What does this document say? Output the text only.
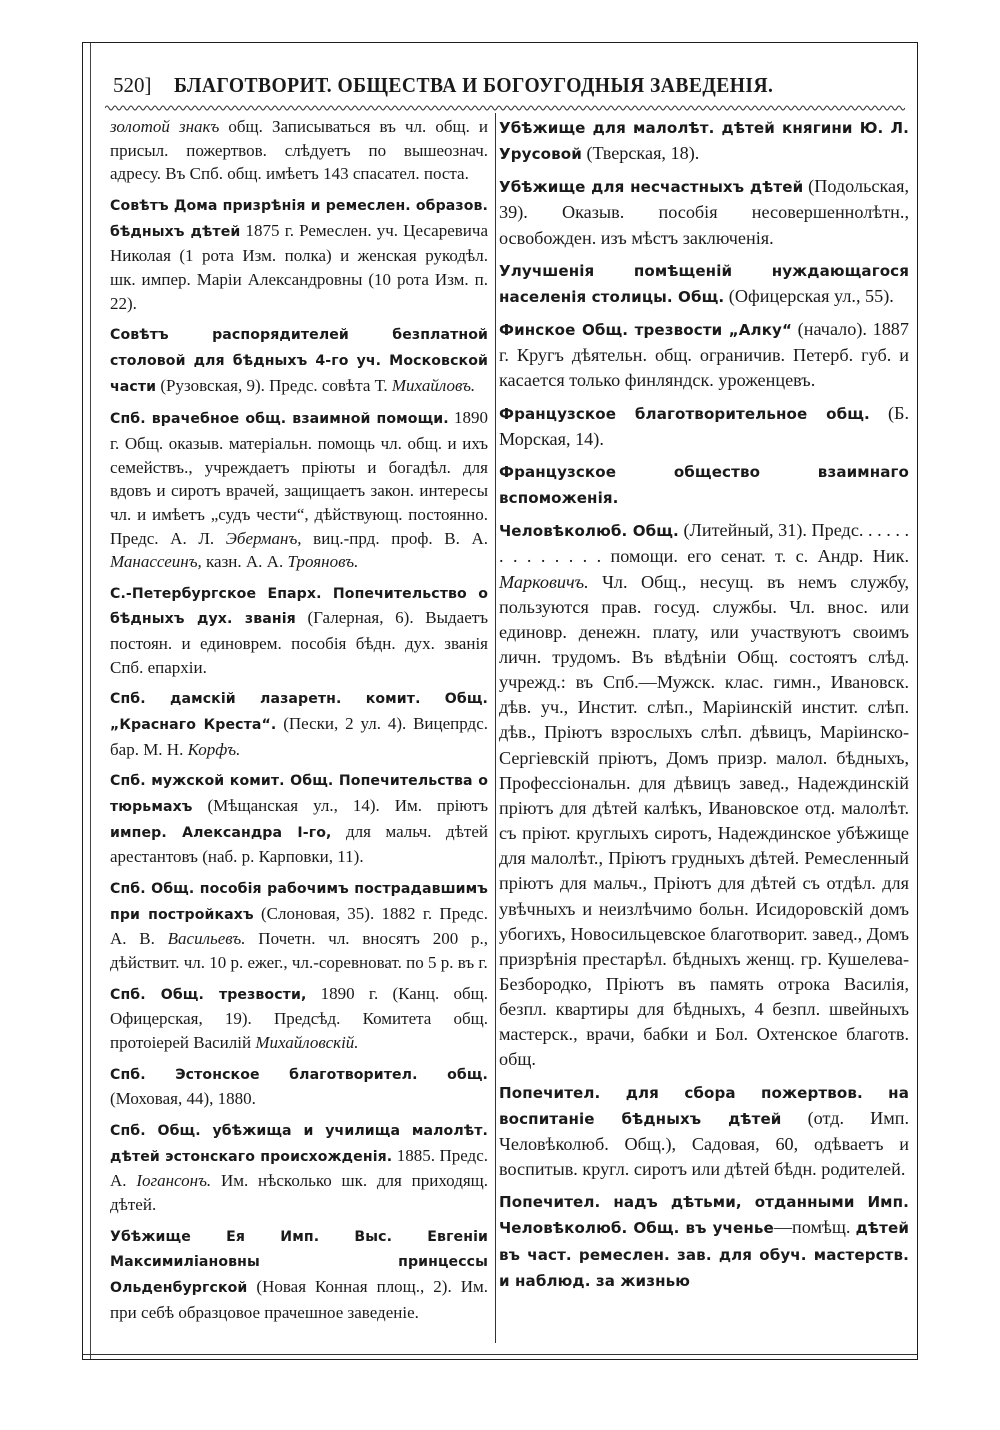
520] БЛАГОТВОРИТ. ОБЩЕСТВА И БОГОУГОДНЫЯ ЗАВЕДЕНІЯ.

золотой знакъ общ. Записываться въ чл. общ. и присыл. пожертвов. слѣдуетъ по вышеознач. адресу. Въ Спб. общ. имѣетъ 143 спасател. поста.

Совѣтъ Дома призрѣнія и ремеслен. образов. бѣдныхъ дѣтей 1875 г. Ремеслен. уч. Цесаревича Николая (1 рота Изм. полка) и женская рукодѣл. шк. импер. Маріи Александровны (10 рота Изм. п. 22).

Совѣтъ распорядителей безплатной столовой для бѣдныхъ 4-го уч. Московской части (Рузовская, 9). Предс. совѣта Т. Михайловъ.

Спб. врачебное общ. взаимной помощи. 1890 г. Общ. оказыв. матеріальн. помощь чл. общ. и ихъ семействъ., учреждаетъ пріюты и богадѣл. для вдовъ и сиротъ врачей, защищаетъ закон. интересы чл. и имѣетъ „судъ чести“, дѣйствующ. постоянно. Предс. А. Л. Эберманъ, виц.-прд. проф. В. А. Манассеинъ, казн. А. А. Трояновъ.

С.-Петербургское Епарх. Попечительство о бѣдныхъ дух. званія (Галерная, 6). Выдаетъ постоян. и единоврем. пособія бѣдн. дух. званія Спб. епархіи.

Спб. дамскій лазаретн. комит. Общ. „Краснаго Креста“. (Пески, 2 ул. 4). Вицепрдс. бар. М. Н. Корфъ.

Спб. мужской комит. Общ. Попечительства о тюрьмахъ (Мѣщанская ул., 14). Им. пріютъ импер. Александра I-го, для мальч. дѣтей арестантовъ (наб. р. Карповки, 11).

Спб. Общ. пособія рабочимъ пострадавшимъ при постройкахъ (Слоновая, 35). 1882 г. Предс. А. В. Васильевъ. Почетн. чл. вносятъ 200 р., дѣйствит. чл. 10 р. ежег., чл.-соревноват. по 5 р. въ г.

Спб. Общ. трезвости, 1890 г. (Канц. общ. Офицерская, 19). Предсѣд. Комитета общ. протоіерей Василій Михайловскій.

Спб. Эстонское благотворител. общ. (Моховая, 44), 1880.

Спб. Общ. убѣжища и училища малолѣт. дѣтей эстонскаго происхожденія. 1885. Предс. А. Іогансонъ. Им. нѣсколько шк. для приходящ. дѣтей.

Убѣжище Ея Имп. Выс. Евгеніи Максимиліановны принцессы Ольденбургской (Новая Конная площ., 2). Им. при себѣ образцовое прачешное заведеніе.

Убѣжище для малолѣт. дѣтей княгини Ю. Л. Урусовой (Тверская, 18).

Убѣжище для несчастныхъ дѣтей (Подольская, 39). Оказыв. пособія несовершеннолѣтн., освобожден. изъ мѣстъ заключенія.

Улучшенія помѣщеній нуждающагося населенія столицы. Общ. (Офицерская ул., 55).

Финское Общ. трезвости „Алку“ (начало). 1887 г. Кругъ дѣятельн. общ. ограничив. Петерб. губ. и касается только финляндск. уроженцевъ.

Французское благотворительное общ. (Б. Морская, 14).

Французское общество взаимнаго вспоможенія.

Человѣколюб. Общ. (Литейный, 31). Предс. . . . . . . . . . . . . . помощи. его сенат. т. с. Андр. Ник. Марковичъ. Чл. Общ., несущ. въ немъ службу, пользуются прав. госуд. службы. Чл. внос. или единовр. денежн. плату, или участвуютъ своимъ личн. трудомъ. Въ вѣдѣніи Общ. состоятъ слѣд. учрежд.: въ Спб.—Мужск. клас. гимн., Ивановск. дѣв. уч., Инстит. слѣп., Маріинскій инстит. слѣп. дѣв., Пріютъ взрослыхъ слѣп. дѣвицъ, Маріинско-Сергіевскій пріютъ, Домъ призр. малол. бѣдныхъ, Профессіональн. для дѣвицъ завед., Надеждинскій пріютъ для дѣтей калѣкъ, Ивановское отд. малолѣт. съ пріют. круглыхъ сиротъ, Надеждинское убѣжище для малолѣт., Пріютъ грудныхъ дѣтей. Ремесленный пріютъ для мальч., Пріютъ для дѣтей съ отдѣл. для увѣчныхъ и неизлѣчимо больн. Исидоровскій домъ убогихъ, Новосильцевское благотворит. завед., Домъ призрѣнія престарѣл. бѣдныхъ женщ. гр. Кушелева-Безбородко, Пріютъ въ память отрока Василія, безпл. квартиры для бѣдныхъ, 4 безпл. швейныхъ мастерск., врачи, бабки и Бол. Охтенское благотв. общ.

Попечител. для сбора пожертвов. на воспитаніе бѣдныхъ дѣтей (отд. Имп. Человѣколюб. Общ.), Садовая, 60, одѣваетъ и воспитыв. кругл. сиротъ или дѣтей бѣдн. родителей.

Попечител. надъ дѣтьми, отданными Имп. Человѣколюб. Общ. въ ученье—помѣщ. дѣтей въ част. ремеслен. зав. для обуч. мастерств. и наблюд. за жизнью
